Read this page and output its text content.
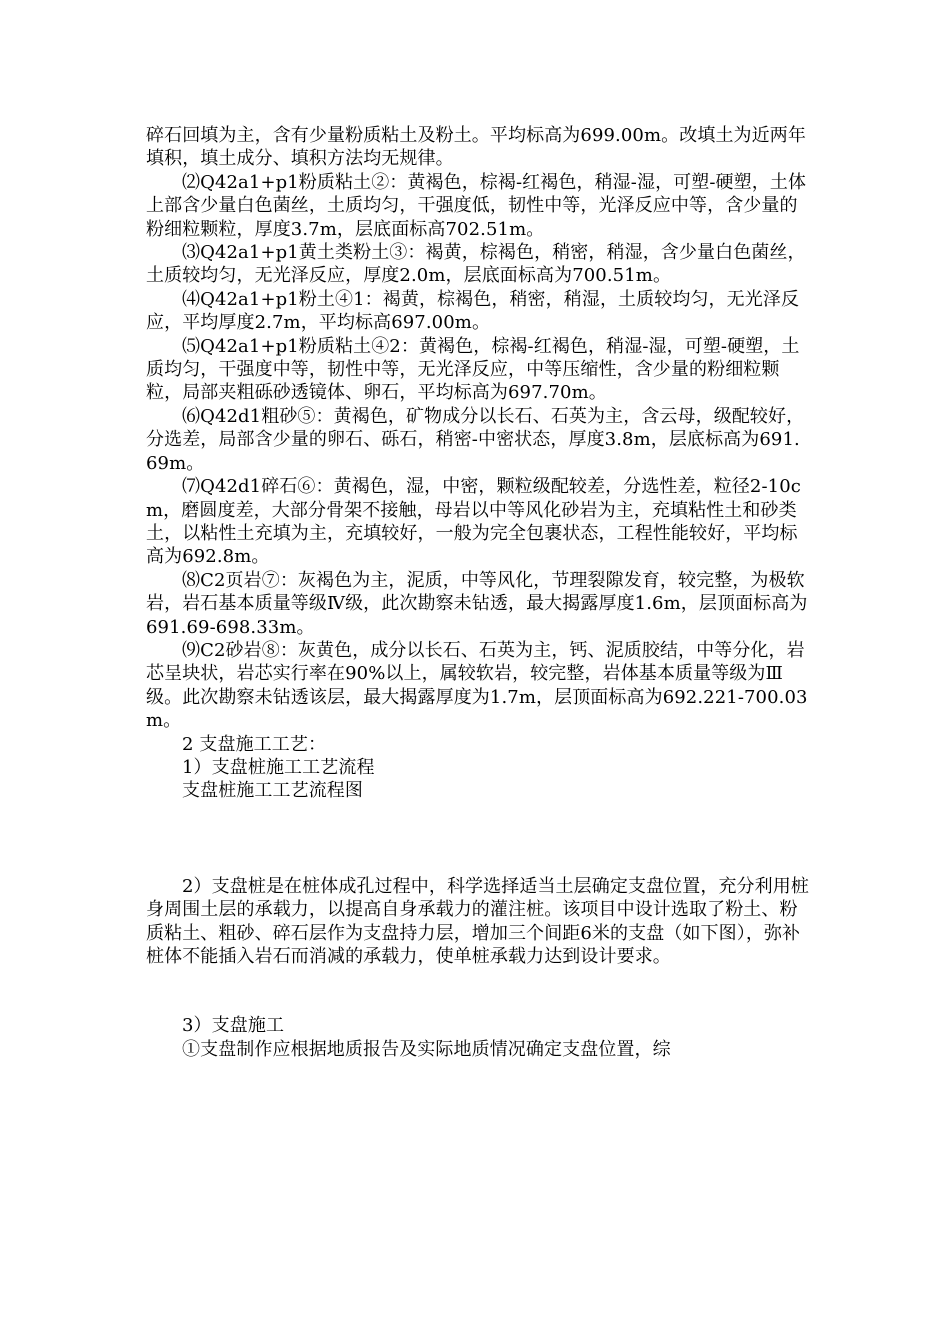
碎石回填为主，含有少量粉质粘土及粉土。平均标高为699.00m。改填土为近两年填积，填土成分、填积方法均无规律。

⑵Q42a1+p1粉质粘土②：黄褐色，棕褐-红褐色，稍湿-湿，可塑-硬塑，土体上部含少量白色菌丝，土质均匀，干强度低，韧性中等，光泽反应中等，含少量的粉细粒颗粒，厚度3.7m，层底面标高702.51m。

⑶Q42a1+p1黄土类粉土③：褐黄，棕褐色，稍密，稍湿，含少量白色菌丝，土质较均匀，无光泽反应，厚度2.0m，层底面标高为700.51m。

⑷Q42a1+p1粉土④1：褐黄，棕褐色，稍密，稍湿，土质较均匀，无光泽反应，平均厚度2.7m，平均标高697.00m。

⑸Q42a1+p1粉质粘土④2：黄褐色，棕褐-红褐色，稍湿-湿，可塑-硬塑，土质均匀，干强度中等，韧性中等，无光泽反应，中等压缩性，含少量的粉细粒颗粒，局部夹粗砾砂透镜体、卵石，平均标高为697.70m。

⑹Q42d1粗砂⑤：黄褐色，矿物成分以长石、石英为主，含云母，级配较好，分选差，局部含少量的卵石、砾石，稍密-中密状态，厚度3.8m，层底标高为691.69m。

⑺Q42d1碎石⑥：黄褐色，湿，中密，颗粒级配较差，分选性差，粒径2-10cm，磨圆度差，大部分骨架不接触，母岩以中等风化砂岩为主，充填粘性土和砂类土，以粘性土充填为主，充填较好，一般为完全包裹状态，工程性能较好，平均标高为692.8m。

⑻C2页岩⑦：灰褐色为主，泥质，中等风化，节理裂隙发育，较完整，为极软岩，岩石基本质量等级Ⅳ级，此次勘察未钻透，最大揭露厚度1.6m，层顶面标高为691.69-698.33m。

⑼C2砂岩⑧：灰黄色，成分以长石、石英为主，钙、泥质胶结，中等分化，岩芯呈块状，岩芯实行率在90%以上，属较软岩，较完整，岩体基本质量等级为Ⅲ级。此次勘察未钻透该层，最大揭露厚度为1.7m，层顶面标高为692.221-700.03m。

2 支盘施工工艺：

1）支盘桩施工工艺流程

支盘桩施工工艺流程图

2）支盘桩是在桩体成孔过程中，科学选择适当土层确定支盘位置，充分利用桩身周围土层的承载力，以提高自身承载力的灌注桩。该项目中设计选取了粉土、粉质粘土、粗砂、碎石层作为支盘持力层，增加三个间距6米的支盘（如下图），弥补桩体不能插入岩石而消减的承载力，使单桩承载力达到设计要求。

3）支盘施工

①支盘制作应根据地质报告及实际地质情况确定支盘位置，综
